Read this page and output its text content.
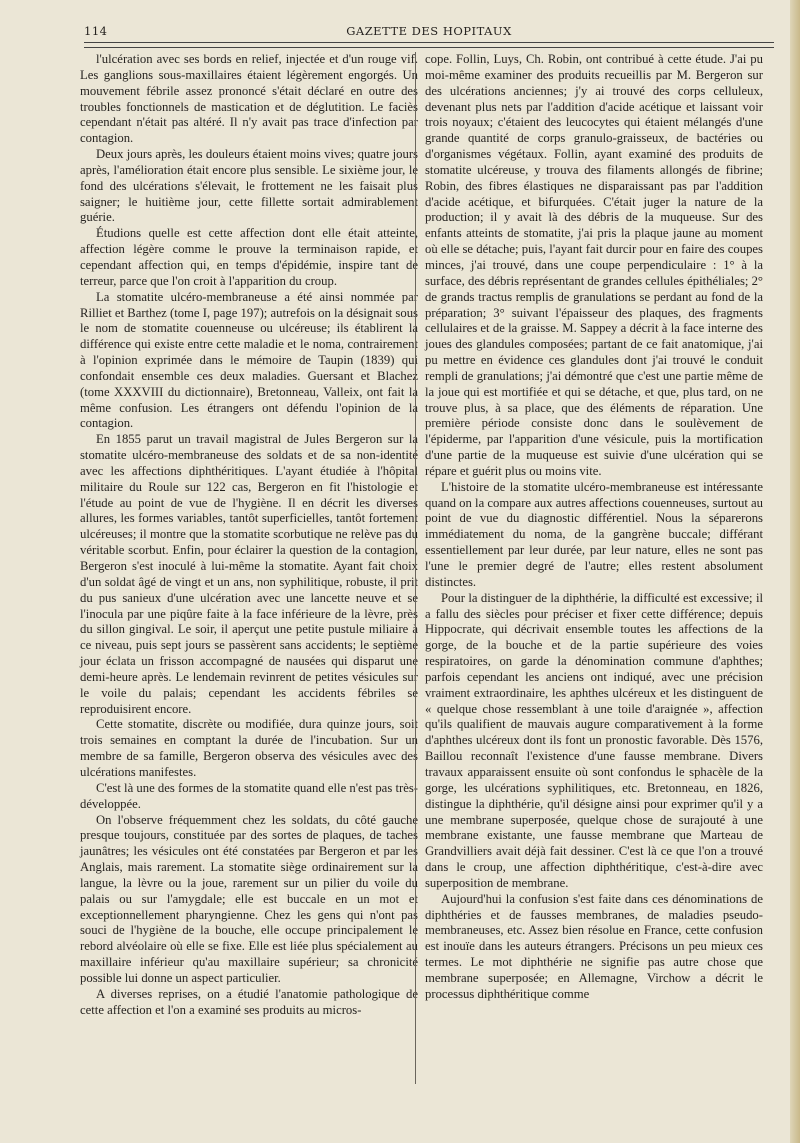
114	GAZETTE DES HOPITAUX

l'ulcération avec ses bords en relief, injectée et d'un rouge vif. Les ganglions sous-maxillaires étaient légèrement engorgés. Un mouvement fébrile assez prononcé s'était déclaré en outre des troubles fonctionnels de mastication et de déglutition. Le faciès cependant n'était pas altéré. Il n'y avait pas trace d'infection par contagion.

Deux jours après, les douleurs étaient moins vives; quatre jours après, l'amélioration était encore plus sensible. Le sixième jour, le fond des ulcérations s'élevait, le frottement ne les faisait plus saigner; le huitième jour, cette fillette sortait admirablement guérie.

Étudions quelle est cette affection dont elle était atteinte, affection légère comme le prouve la terminaison rapide, et cependant affection qui, en temps d'épidémie, inspire tant de terreur, parce que l'on croit à l'apparition du croup.

La stomatite ulcéro-membraneuse a été ainsi nommée par Rilliet et Barthez (tome I, page 197); autrefois on la désignait sous le nom de stomatite couenneuse ou ulcéreuse; ils établirent la différence qui existe entre cette maladie et le noma, contrairement à l'opinion exprimée dans le mémoire de Taupin (1839) qui confondait ensemble ces deux maladies. Guersant et Blachez (tome XXXVIII du dictionnaire), Bretonneau, Valleix, ont fait la même confusion. Les étrangers ont défendu l'opinion de la contagion.

En 1855 parut un travail magistral de Jules Bergeron sur la stomatite ulcéro-membraneuse des soldats et de sa non-identité avec les affections diphthéritiques. L'ayant étudiée à l'hôpital militaire du Roule sur 122 cas, Bergeron en fit l'histologie et l'étude au point de vue de l'hygiène. Il en décrit les diverses allures, les formes variables, tantôt superficielles, tantôt fortement ulcéreuses; il montre que la stomatite scorbutique ne relève pas du véritable scorbut. Enfin, pour éclairer la question de la contagion, Bergeron s'est inoculé à lui-même la stomatite. Ayant fait choix d'un soldat âgé de vingt et un ans, non syphilitique, robuste, il prit du pus sanieux d'une ulcération avec une lancette neuve et se l'inocula par une piqûre faite à la face inférieure de la lèvre, près du sillon gingival. Le soir, il aperçut une petite pustule miliaire à ce niveau, puis sept jours se passèrent sans accidents; le septième jour éclata un frisson accompagné de nausées qui disparut une demi-heure après. Le lendemain revinrent de petites vésicules sur le voile du palais; cependant les accidents fébriles se reproduisirent encore.

Cette stomatite, discrète ou modifiée, dura quinze jours, soit trois semaines en comptant la durée de l'incubation. Sur un membre de sa famille, Bergeron observa des vésicules avec des ulcérations manifestes.

C'est là une des formes de la stomatite quand elle n'est pas très-développée.

On l'observe fréquemment chez les soldats, du côté gauche presque toujours, constituée par des sortes de plaques, de taches jaunâtres; les vésicules ont été constatées par Bergeron et par les Anglais, mais rarement. La stomatite siège ordinairement sur la langue, la lèvre ou la joue, rarement sur un pilier du voile du palais ou sur l'amygdale; elle est buccale en un mot et exceptionnellement pharyngienne. Chez les gens qui n'ont pas souci de l'hygiène de la bouche, elle occupe principalement le rebord alvéolaire où elle se fixe. Elle est liée plus spécialement au maxillaire inférieur qu'au maxillaire supérieur; sa chronicité possible lui donne un aspect particulier.

A diverses reprises, on a étudié l'anatomie pathologique de cette affection et l'on a examiné ses produits au micros-

cope. Follin, Luys, Ch. Robin, ont contribué à cette étude. J'ai pu moi-même examiner des produits recueillis par M. Bergeron sur des ulcérations anciennes; j'y ai trouvé des corps celluleux, devenant plus nets par l'addition d'acide acétique et laissant voir trois noyaux; c'étaient des leucocytes qui étaient mélangés d'une grande quantité de corps granulo-graisseux, de bactéries ou d'organismes végétaux. Follin, ayant examiné des produits de stomatite ulcéreuse, y trouva des filaments allongés de fibrine; Robin, des fibres élastiques ne disparaissant pas par l'addition d'acide acétique, et bifurquées. C'était juger la nature de la production; il y avait là des débris de la muqueuse. Sur des enfants atteints de stomatite, j'ai pris la plaque jaune au moment où elle se détache; puis, l'ayant fait durcir pour en faire des coupes minces, j'ai trouvé, dans une coupe perpendiculaire : 1° à la surface, des débris représentant de grandes cellules épithéliales; 2° de grands tractus remplis de granulations se perdant au fond de la préparation; 3° suivant l'épaisseur des plaques, des fragments cellulaires et de la graisse. M. Sappey a décrit à la face interne des joues des glandules composées; partant de ce fait anatomique, j'ai pu mettre en évidence ces glandules dont j'ai trouvé le conduit rempli de granulations; j'ai démontré que c'est une partie même de la joue qui est mortifiée et qui se détache, et que, plus tard, on ne trouve plus, à sa place, que des éléments de réparation. Une première période consiste donc dans le soulèvement de l'épiderme, par l'apparition d'une vésicule, puis la mortification d'une partie de la muqueuse est suivie d'une ulcération qui se répare et guérit plus ou moins vite.

L'histoire de la stomatite ulcéro-membraneuse est intéressante quand on la compare aux autres affections couenneuses, surtout au point de vue du diagnostic différentiel. Nous la séparerons immédiatement du noma, de la gangrène buccale; différant essentiellement par leur durée, par leur nature, elles ne sont pas l'une le premier degré de l'autre; elles restent absolument distinctes.

Pour la distinguer de la diphthérie, la difficulté est excessive; il a fallu des siècles pour préciser et fixer cette différence; depuis Hippocrate, qui décrivait ensemble toutes les affections de la gorge, de la bouche et de la partie supérieure des voies respiratoires, on garde la dénomination commune d'aphthes; parfois cependant les anciens ont indiqué, avec une précision vraiment extraordinaire, les aphthes ulcéreux et les distinguent de « quelque chose ressemblant à une toile d'araignée », affection qu'ils qualifient de mauvais augure comparativement à la forme d'aphthes ulcéreux dont ils font un pronostic favorable. Dès 1576, Baillou reconnaît l'existence d'une fausse membrane. Divers travaux apparaissent ensuite où sont confondus le sphacèle de la gorge, les ulcérations syphilitiques, etc. Bretonneau, en 1826, distingue la diphthérie, qu'il désigne ainsi pour exprimer qu'il y a une membrane superposée, quelque chose de surajouté à une membrane existante, une fausse membrane que Marteau de Grandvilliers avait déjà fait dessiner. C'est là ce que l'on a trouvé dans le croup, une affection diphthéritique, c'est-à-dire avec superposition de membrane.

Aujourd'hui la confusion s'est faite dans ces dénominations de diphthéries et de fausses membranes, de maladies pseudo-membraneuses, etc. Assez bien résolue en France, cette confusion est inouïe dans les auteurs étrangers. Précisons un peu mieux ces termes. Le mot diphthérie ne signifie pas autre chose que membrane superposée; en Allemagne, Virchow a décrit le processus diphthéritique comme
